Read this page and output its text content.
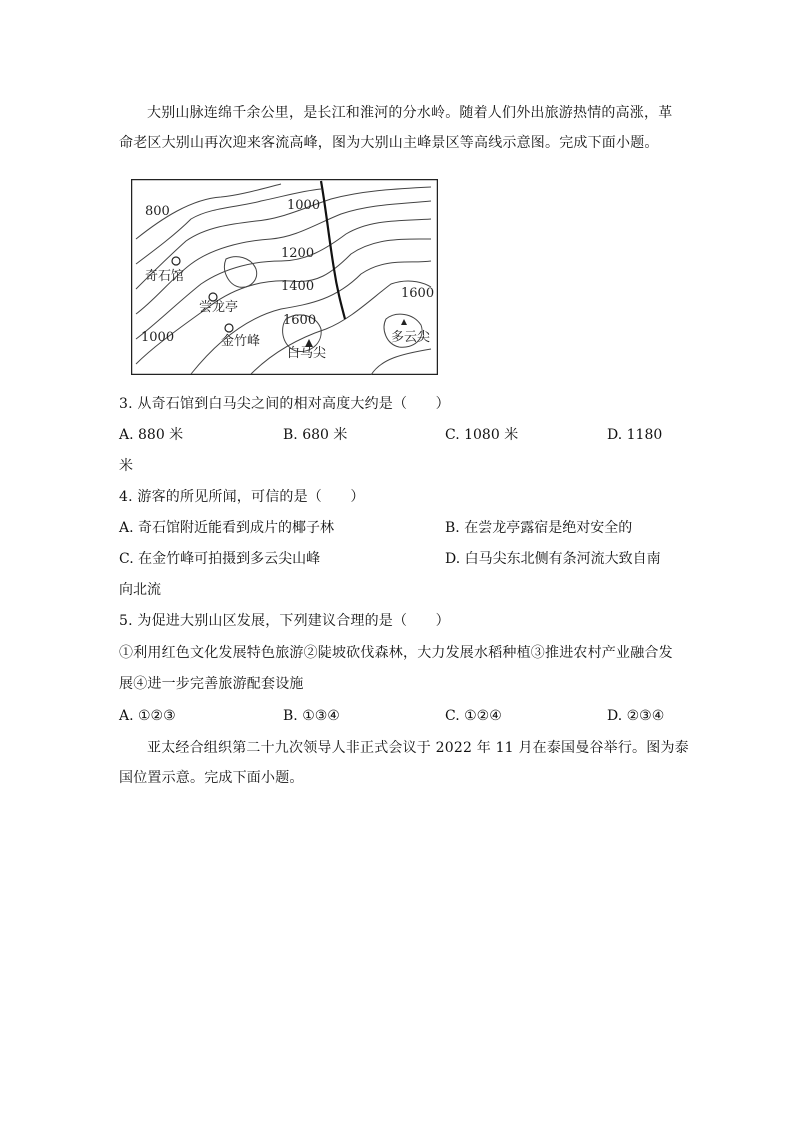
大别山脉连绵千余公里，是长江和淮河的分水岭。随着人们外出旅游热情的高涨，革
命老区大别山再次迎来客流高峰，图为大别山主峰景区等高线示意图。完成下面小题。
800	1000
1200
1400
1600
1600
1000
奇石馆
尝龙亭
金竹峰
白马尖
多云尖
3. 从奇石馆到白马尖之间的相对高度大约是（　　）
A. 880 米	B. 680 米	C. 1080 米	D. 1180
米
4. 游客的所见所闻，可信的是（　　）
A. 奇石馆附近能看到成片的椰子林	B. 在尝龙亭露宿是绝对安全的
C. 在金竹峰可拍摄到多云尖山峰	D. 白马尖东北侧有条河流大致自南
向北流
5. 为促进大别山区发展，下列建议合理的是（　　）
①利用红色文化发展特色旅游②陡坡砍伐森林，大力发展水稻种植③推进农村产业融合发
展④进一步完善旅游配套设施
A. ①②③	B. ①③④	C. ①②④	D. ②③④
亚太经合组织第二十九次领导人非正式会议于 2022 年 11 月在泰国曼谷举行。图为泰
国位置示意。完成下面小题。
